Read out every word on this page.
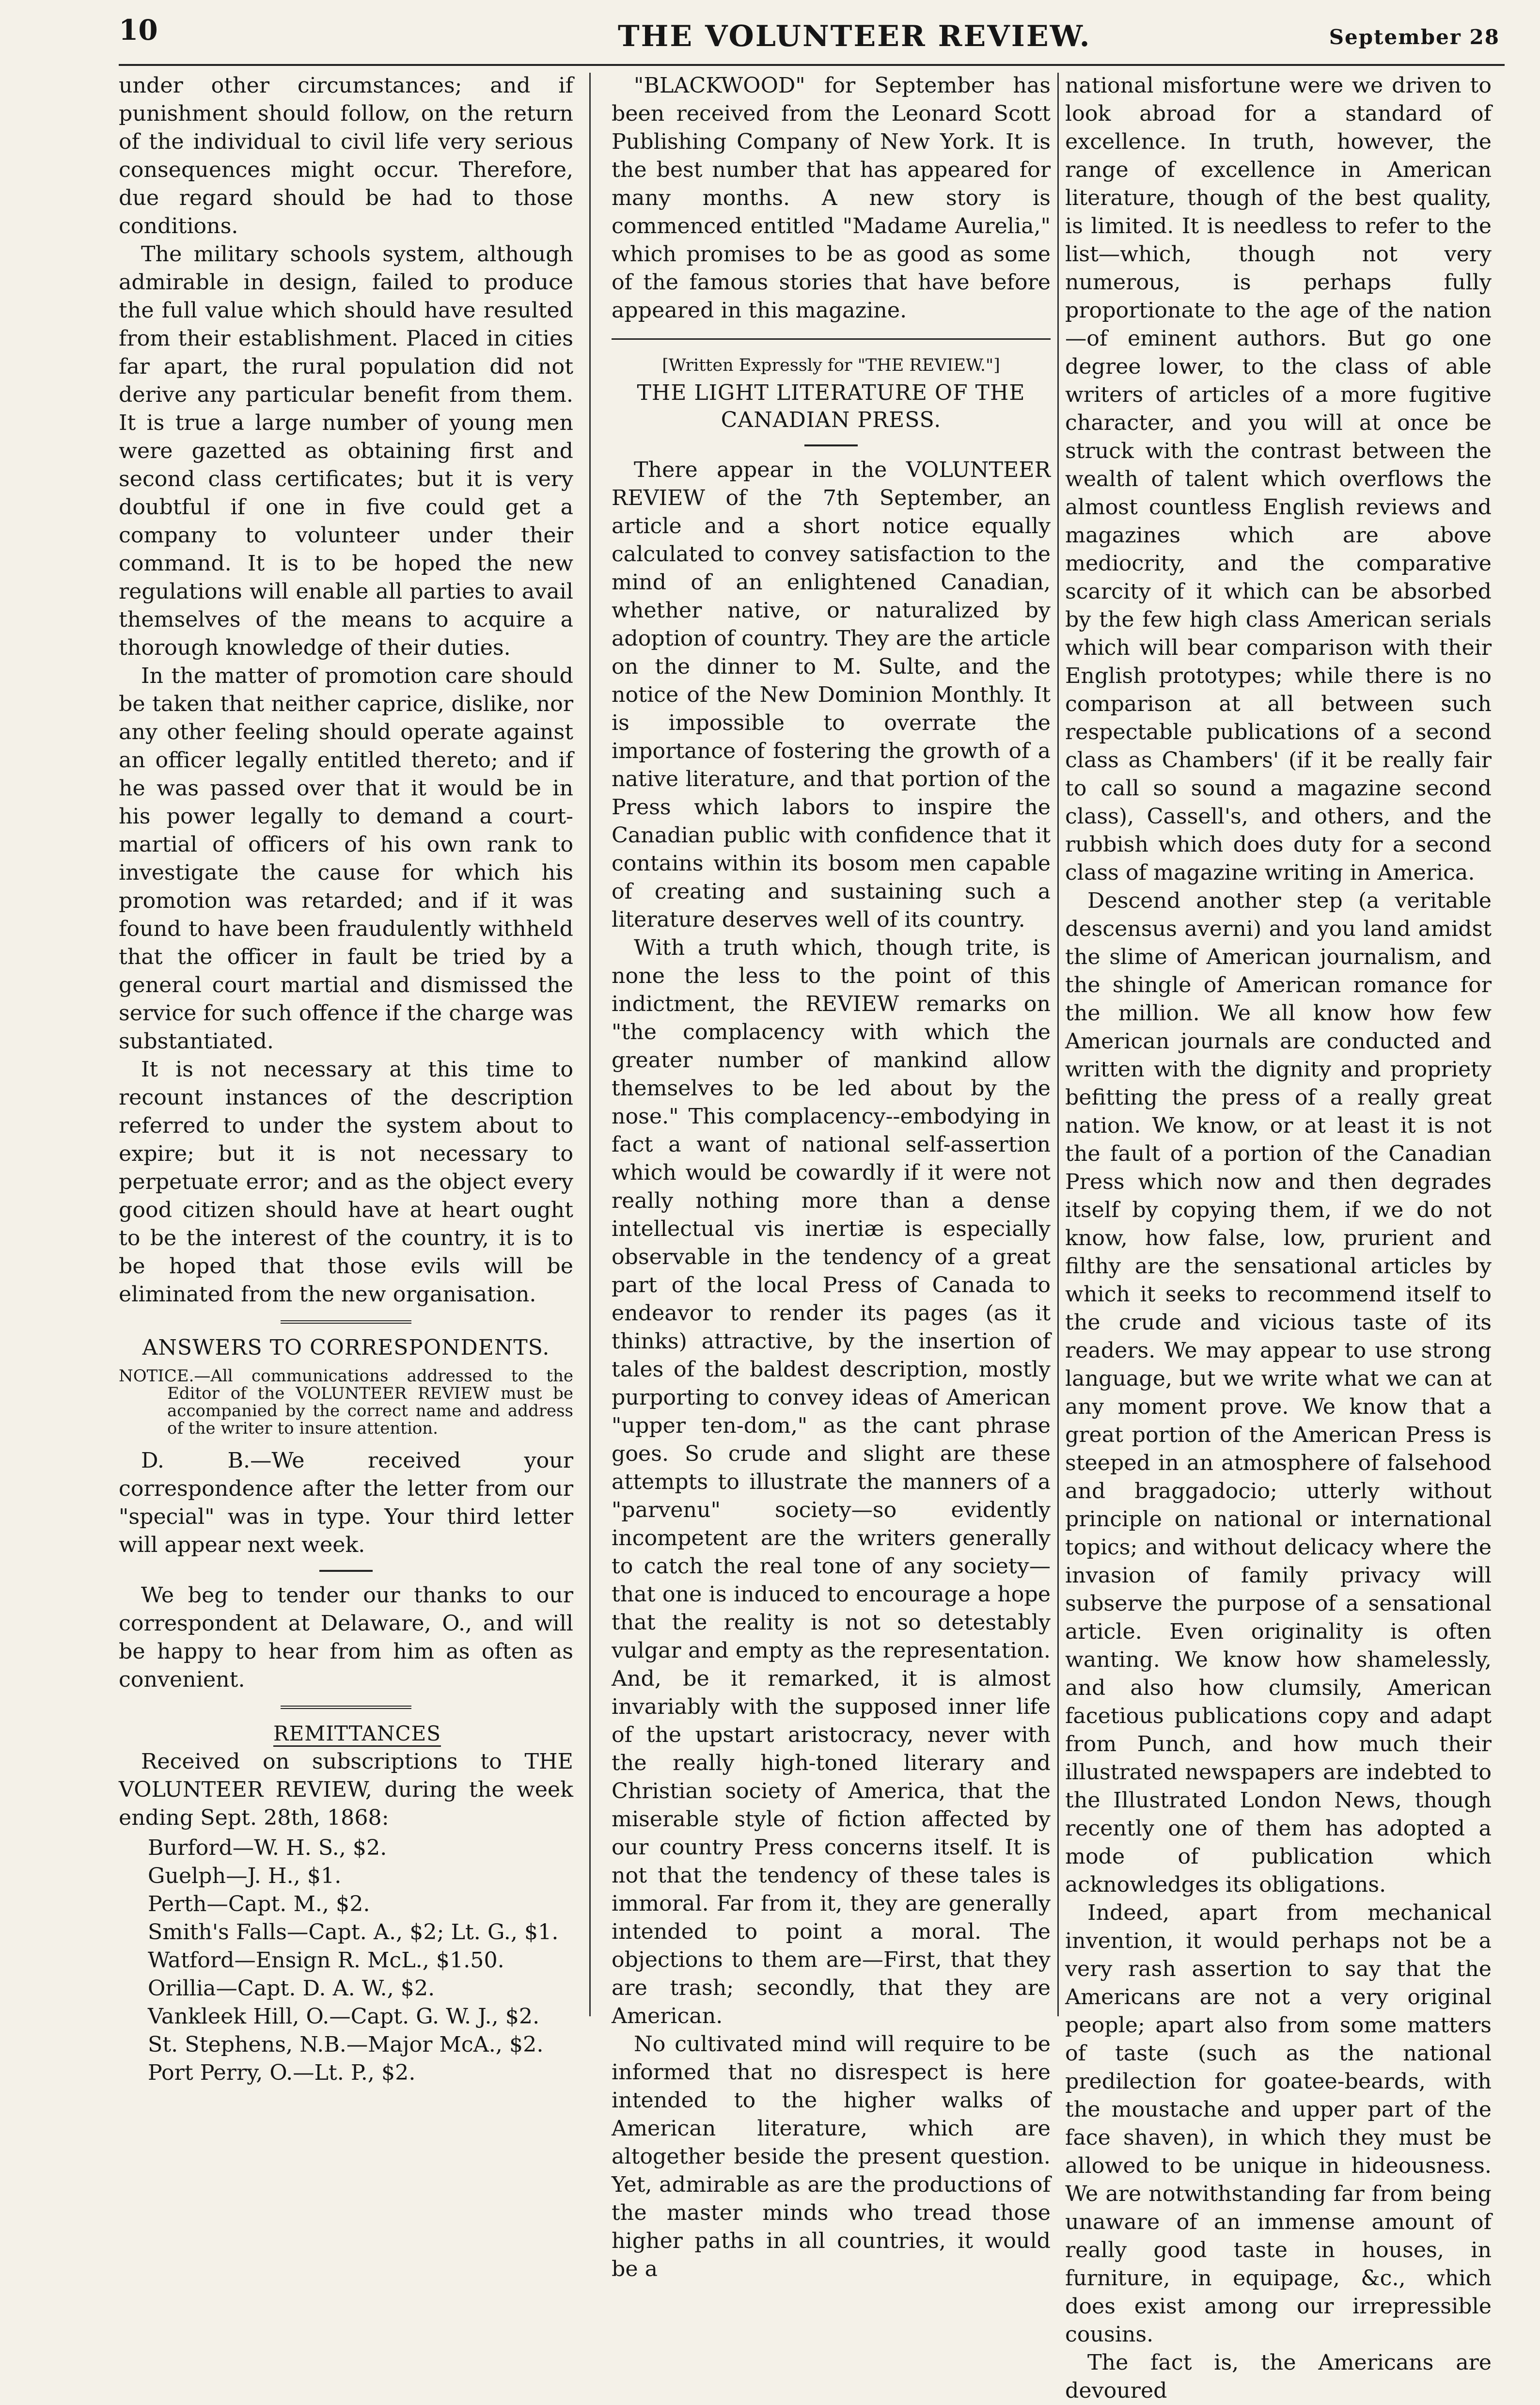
10	THE VOLUNTEER REVIEW.	September 28

under other circumstances; and if punishment should follow, on the return of the individual to civil life very serious consequences might occur. Therefore, due regard should be had to those conditions.

The military schools system, although admirable in design, failed to produce the full value which should have resulted from their establishment. Placed in cities far apart, the rural population did not derive any particular benefit from them. It is true a large number of young men were gazetted as obtaining first and second class certificates; but it is very doubtful if one in five could get a company to volunteer under their command. It is to be hoped the new regulations will enable all parties to avail themselves of the means to acquire a thorough knowledge of their duties.

In the matter of promotion care should be taken that neither caprice, dislike, nor any other feeling should operate against an officer legally entitled thereto; and if he was passed over that it would be in his power legally to demand a court-martial of officers of his own rank to investigate the cause for which his promotion was retarded; and if it was found to have been fraudulently withheld that the officer in fault be tried by a general court martial and dismissed the service for such offence if the charge was substantiated.

It is not necessary at this time to recount instances of the description referred to under the system about to expire; but it is not necessary to perpetuate error; and as the object every good citizen should have at heart ought to be the interest of the country, it is to be hoped that those evils will be eliminated from the new organisation.

ANSWERS TO CORRESPONDENTS.

NOTICE.—All communications addressed to the Editor of the VOLUNTEER REVIEW must be accompanied by the correct name and address of the writer to insure attention.

D. B.—We received your correspondence after the letter from our "special" was in type. Your third letter will appear next week.

We beg to tender our thanks to our correspondent at Delaware, O., and will be happy to hear from him as often as convenient.

REMITTANCES

Received on subscriptions to THE VOLUNTEER REVIEW, during the week ending Sept. 28th, 1868:

Burford—W. H. S., $2.
Guelph—J. H., $1.
Perth—Capt. M., $2.
Smith's Falls—Capt. A., $2; Lt. G., $1.
Watford—Ensign R. McL., $1.50.
Orillia—Capt. D. A. W., $2.
Vankleek Hill, O.—Capt. G. W. J., $2.
St. Stephens, N.B.—Major McA., $2.
Port Perry, O.—Lt. P., $2.

"BLACKWOOD" for September has been received from the Leonard Scott Publishing Company of New York. It is the best number that has appeared for many months. A new story is commenced entitled "Madame Aurelia," which promises to be as good as some of the famous stories that have before appeared in this magazine.

[Written Expressly for "THE REVIEW."]

THE LIGHT LITERATURE OF THE CANADIAN PRESS.

There appear in the VOLUNTEER REVIEW of the 7th September, an article and a short notice equally calculated to convey satisfaction to the mind of an enlightened Canadian, whether native, or naturalized by adoption of country. They are the article on the dinner to M. Sulte, and the notice of the New Dominion Monthly. It is impossible to overrate the importance of fostering the growth of a native literature, and that portion of the Press which labors to inspire the Canadian public with confidence that it contains within its bosom men capable of creating and sustaining such a literature deserves well of its country.

With a truth which, though trite, is none the less to the point of this indictment, the REVIEW remarks on "the complacency with which the greater number of mankind allow themselves to be led about by the nose." This complacency--embodying in fact a want of national self-assertion which would be cowardly if it were not really nothing more than a dense intellectual vis inertiæ is especially observable in the tendency of a great part of the local Press of Canada to endeavor to render its pages (as it thinks) attractive, by the insertion of tales of the baldest description, mostly purporting to convey ideas of American "upper ten-dom," as the cant phrase goes. So crude and slight are these attempts to illustrate the manners of a "parvenu" society—so evidently incompetent are the writers generally to catch the real tone of any society—that one is induced to encourage a hope that the reality is not so detestably vulgar and empty as the representation. And, be it remarked, it is almost invariably with the supposed inner life of the upstart aristocracy, never with the really high-toned literary and Christian society of America, that the miserable style of fiction affected by our country Press concerns itself. It is not that the tendency of these tales is immoral. Far from it, they are generally intended to point a moral. The objections to them are—First, that they are trash; secondly, that they are American.

No cultivated mind will require to be informed that no disrespect is here intended to the higher walks of American literature, which are altogether beside the present question. Yet, admirable as are the productions of the master minds who tread those higher paths in all countries, it would be a

national misfortune were we driven to look abroad for a standard of excellence. In truth, however, the range of excellence in American literature, though of the best quality, is limited. It is needless to refer to the list—which, though not very numerous, is perhaps fully proportionate to the age of the nation—of eminent authors. But go one degree lower, to the class of able writers of articles of a more fugitive character, and you will at once be struck with the contrast between the wealth of talent which overflows the almost countless English reviews and magazines which are above mediocrity, and the comparative scarcity of it which can be absorbed by the few high class American serials which will bear comparison with their English prototypes; while there is no comparison at all between such respectable publications of a second class as Chambers' (if it be really fair to call so sound a magazine second class), Cassell's, and others, and the rubbish which does duty for a second class of magazine writing in America.

Descend another step (a veritable descensus averni) and you land amidst the slime of American journalism, and the shingle of American romance for the million. We all know how few American journals are conducted and written with the dignity and propriety befitting the press of a really great nation. We know, or at least it is not the fault of a portion of the Canadian Press which now and then degrades itself by copying them, if we do not know, how false, low, prurient and filthy are the sensational articles by which it seeks to recommend itself to the crude and vicious taste of its readers. We may appear to use strong language, but we write what we can at any moment prove. We know that a great portion of the American Press is steeped in an atmosphere of falsehood and braggadocio; utterly without principle on national or international topics; and without delicacy where the invasion of family privacy will subserve the purpose of a sensational article. Even originality is often wanting. We know how shamelessly, and also how clumsily, American facetious publications copy and adapt from Punch, and how much their illustrated newspapers are indebted to the Illustrated London News, though recently one of them has adopted a mode of publication which acknowledges its obligations.

Indeed, apart from mechanical invention, it would perhaps not be a very rash assertion to say that the Americans are not a very original people; apart also from some matters of taste (such as the national predilection for goatee-beards, with the moustache and upper part of the face shaven), in which they must be allowed to be unique in hideousness. We are notwithstanding far from being unaware of an immense amount of really good taste in houses, in furniture, in equipage, &c., which does exist among our irrepressible cousins.

The fact is, the Americans are devoured
